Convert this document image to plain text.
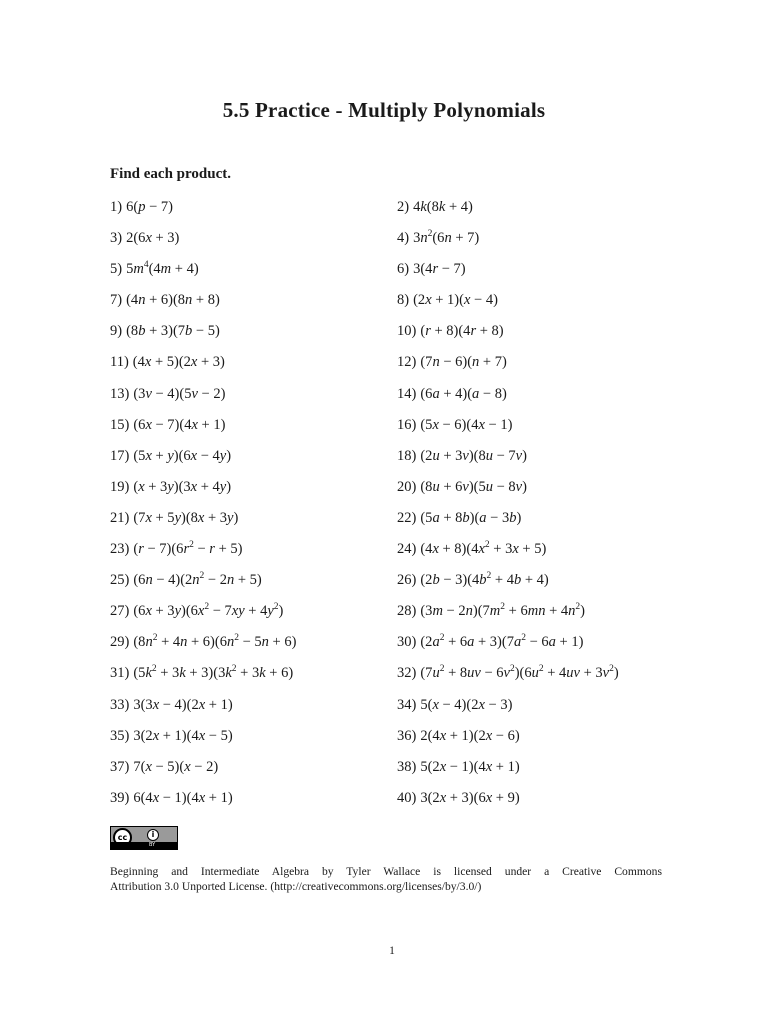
5.5 Practice - Multiply Polynomials
Find each product.
1) 6(p − 7)	2) 4k(8k + 4)
3) 2(6x + 3)	4) $3n^2(6n + 7)$
5) $5m^4(4m + 4)$	6) 3(4r − 7)
7) (4n + 6)(8n + 8)	8) (2x + 1)(x − 4)
9) (8b + 3)(7b − 5)	10) (r + 8)(4r + 8)
11) (4x + 5)(2x + 3)	12) (7n − 6)(n + 7)
13) (3v − 4)(5v − 2)	14) (6a + 4)(a − 8)
15) (6x − 7)(4x + 1)	16) (5x − 6)(4x − 1)
17) (5x + y)(6x − 4y)	18) (2u + 3v)(8u − 7v)
19) (x + 3y)(3x + 4y)	20) (8u + 6v)(5u − 8v)
21) (7x + 5y)(8x + 3y)	22) (5a + 8b)(a − 3b)
23) $(r - 7)(6r^2 - r + 5)$	24) $(4x + 8)(4x^2 + 3x + 5)$
25) $(6n - 4)(2n^2 - 2n + 5)$	26) $(2b - 3)(4b^2 + 4b + 4)$
27) $(6x + 3y)(6x^2 - 7xy + 4y^2)$	28) $(3m - 2n)(7m^2 + 6mn + 4n^2)$
29) $(8n^2 + 4n + 6)(6n^2 - 5n + 6)$	30) $(2a^2 + 6a + 3)(7a^2 - 6a + 1)$
31) $(5k^2 + 3k + 3)(3k^2 + 3k + 6)$	32) $(7u^2 + 8uv - 6v^2)(6u^2 + 4uv + 3v^2)$
33) 3(3x − 4)(2x + 1)	34) 5(x − 4)(2x − 3)
35) 3(2x + 1)(4x − 5)	36) 2(4x + 1)(2x − 6)
37) 7(x − 5)(x − 2)	38) 5(2x − 1)(4x + 1)
39) 6(4x − 1)(4x + 1)	40) 3(2x + 3)(6x + 9)
cc	i
BY
Beginning and Intermediate Algebra by Tyler Wallace is licensed under a Creative Commons
Attribution 3.0 Unported License. (http://creativecommons.org/licenses/by/3.0/)
1
